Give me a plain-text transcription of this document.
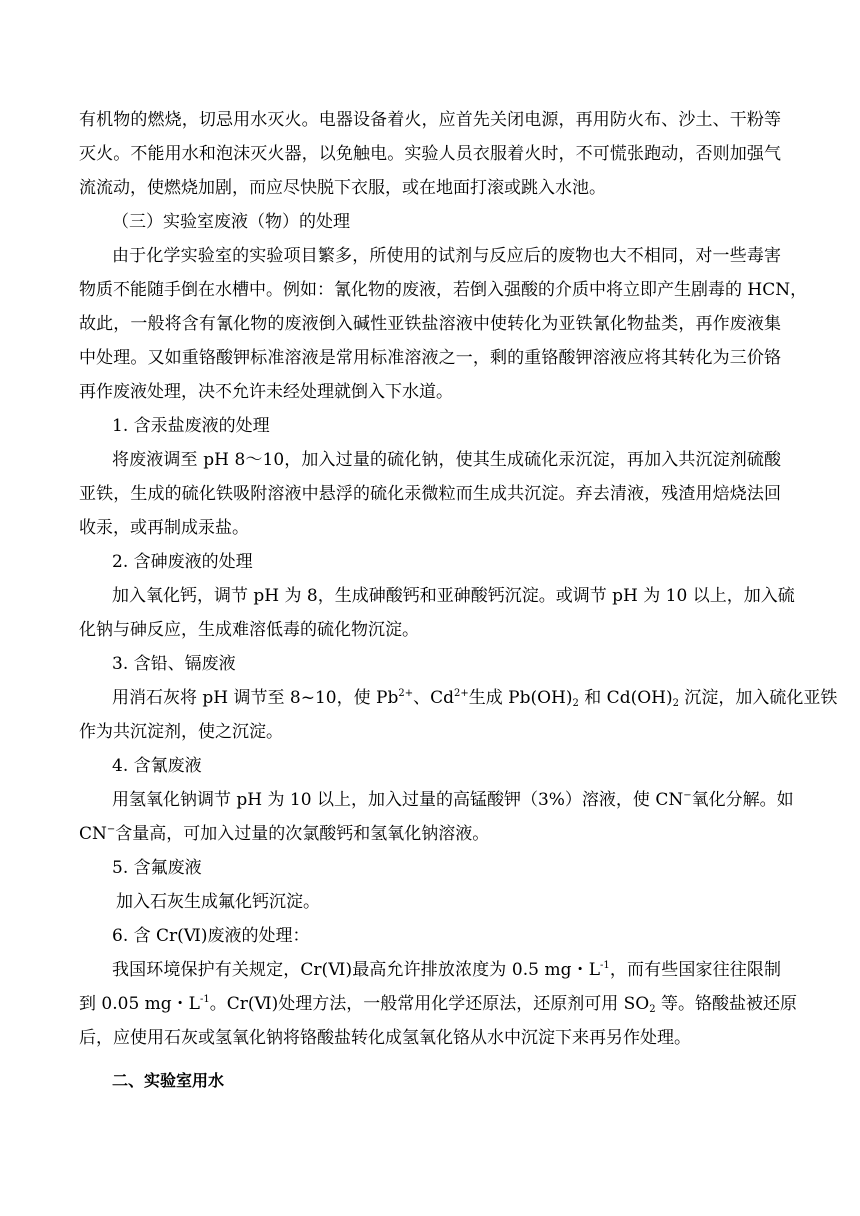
有机物的燃烧，切忌用水灭火。电器设备着火，应首先关闭电源，再用防火布、沙土、干粉等
灭火。不能用水和泡沫灭火器，以免触电。实验人员衣服着火时，不可慌张跑动，否则加强气
流流动，使燃烧加剧，而应尽快脱下衣服，或在地面打滚或跳入水池。
（三）实验室废液（物）的处理
由于化学实验室的实验项目繁多，所使用的试剂与反应后的废物也大不相同，对一些毒害
物质不能随手倒在水槽中。例如：氰化物的废液，若倒入强酸的介质中将立即产生剧毒的 HCN，
故此，一般将含有氰化物的废液倒入碱性亚铁盐溶液中使转化为亚铁氰化物盐类，再作废液集
中处理。又如重铬酸钾标准溶液是常用标准溶液之一，剩的重铬酸钾溶液应将其转化为三价铬
再作废液处理，决不允许未经处理就倒入下水道。
1. 含汞盐废液的处理
将废液调至 pH 8～10，加入过量的硫化钠，使其生成硫化汞沉淀，再加入共沉淀剂硫酸
亚铁，生成的硫化铁吸附溶液中悬浮的硫化汞微粒而生成共沉淀。弃去清液，残渣用焙烧法回
收汞，或再制成汞盐。
2. 含砷废液的处理
加入氧化钙，调节 pH 为 8，生成砷酸钙和亚砷酸钙沉淀。或调节 pH 为 10 以上，加入硫
化钠与砷反应，生成难溶低毒的硫化物沉淀。
3. 含铅、镉废液
用消石灰将 pH 调节至 8~10，使 $Pb^{2+}$、$Cd^{2+}$生成 $Pb(OH)_2$ 和 $Cd(OH)_2$ 沉淀，加入硫化亚铁
作为共沉淀剂，使之沉淀。
4. 含氰废液
用氢氧化钠调节 pH 为 10 以上，加入过量的高锰酸钾（3%）溶液，使 CN−氧化分解。如
CN−含量高，可加入过量的次氯酸钙和氢氧化钠溶液。
5. 含氟废液
加入石灰生成氟化钙沉淀。
6. 含 Cr(Ⅵ)废液的处理：
我国环境保护有关规定，Cr(Ⅵ)最高允许排放浓度为 0.5 mg・$L^{-1}$，而有些国家往往限制
到 0.05 mg・$L^{-1}$。Cr(Ⅵ)处理方法，一般常用化学还原法，还原剂可用 $SO_2$ 等。铬酸盐被还原
后，应使用石灰或氢氧化钠将铬酸盐转化成氢氧化铬从水中沉淀下来再另作处理。
二、实验室用水
